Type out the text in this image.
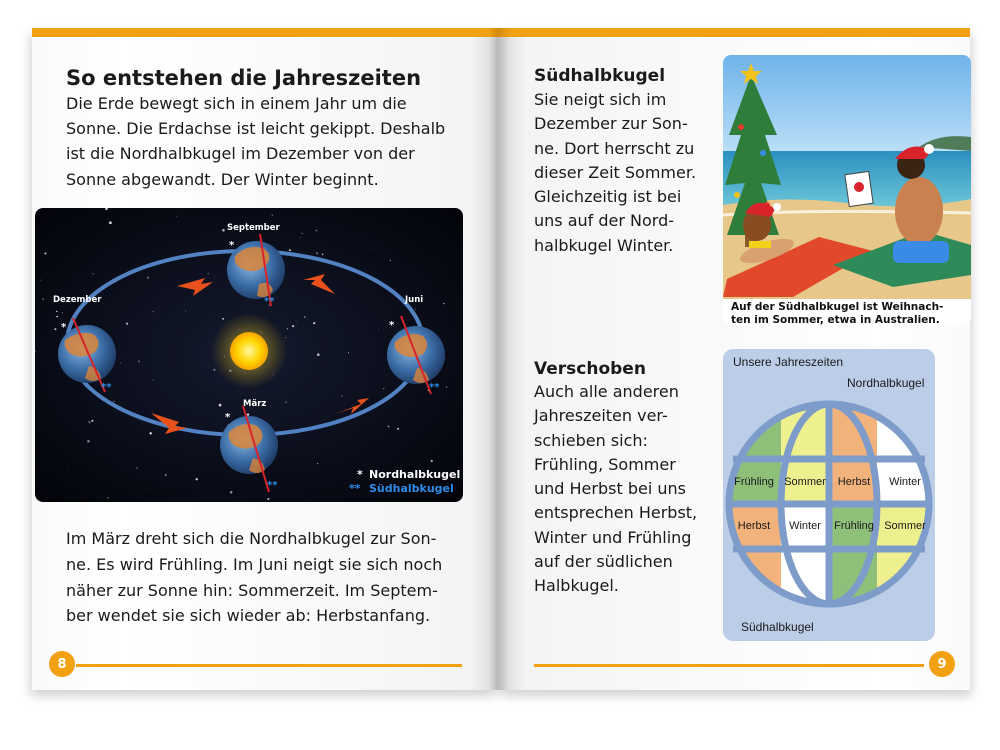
So entstehen die Jahreszeiten
Die Erde bewegt sich in einem Jahr um die
Sonne. Die Erdachse ist leicht gekippt. Deshalb
ist die Nordhalbkugel im Dezember von der
Sonne abgewandt. Der Winter beginnt.
*
**
*
**
*
**
*
**
September
Dezember	Juni
März
* Nordhalbkugel
** Südhalbkugel
Im März dreht sich die Nordhalbkugel zur Son-
ne. Es wird Frühling. Im Juni neigt sie sich noch
näher zur Sonne hin: Sommerzeit. Im Septem-
ber wendet sie sich wieder ab: Herbstanfang.
8
Südhalbkugel
Sie neigt sich im
Dezember zur Son-
ne. Dort herrscht zu
dieser Zeit Sommer.
Gleichzeitig ist bei
uns auf der Nord-
halbkugel Winter.
Auf der Südhalbkugel ist Weihnach-
ten im Sommer, etwa in Australien.
Verschoben
Auch alle anderen
Jahreszeiten ver-
schieben sich:
Frühling, Sommer
und Herbst bei uns
entsprechen Herbst,
Winter und Frühling
auf der südlichen
Halbkugel.
Unsere Jahreszeiten
Nordhalbkugel
Südhalbkugel
Frühling Sommer Herbst Winter
Herbst Winter Frühling Sommer
9
